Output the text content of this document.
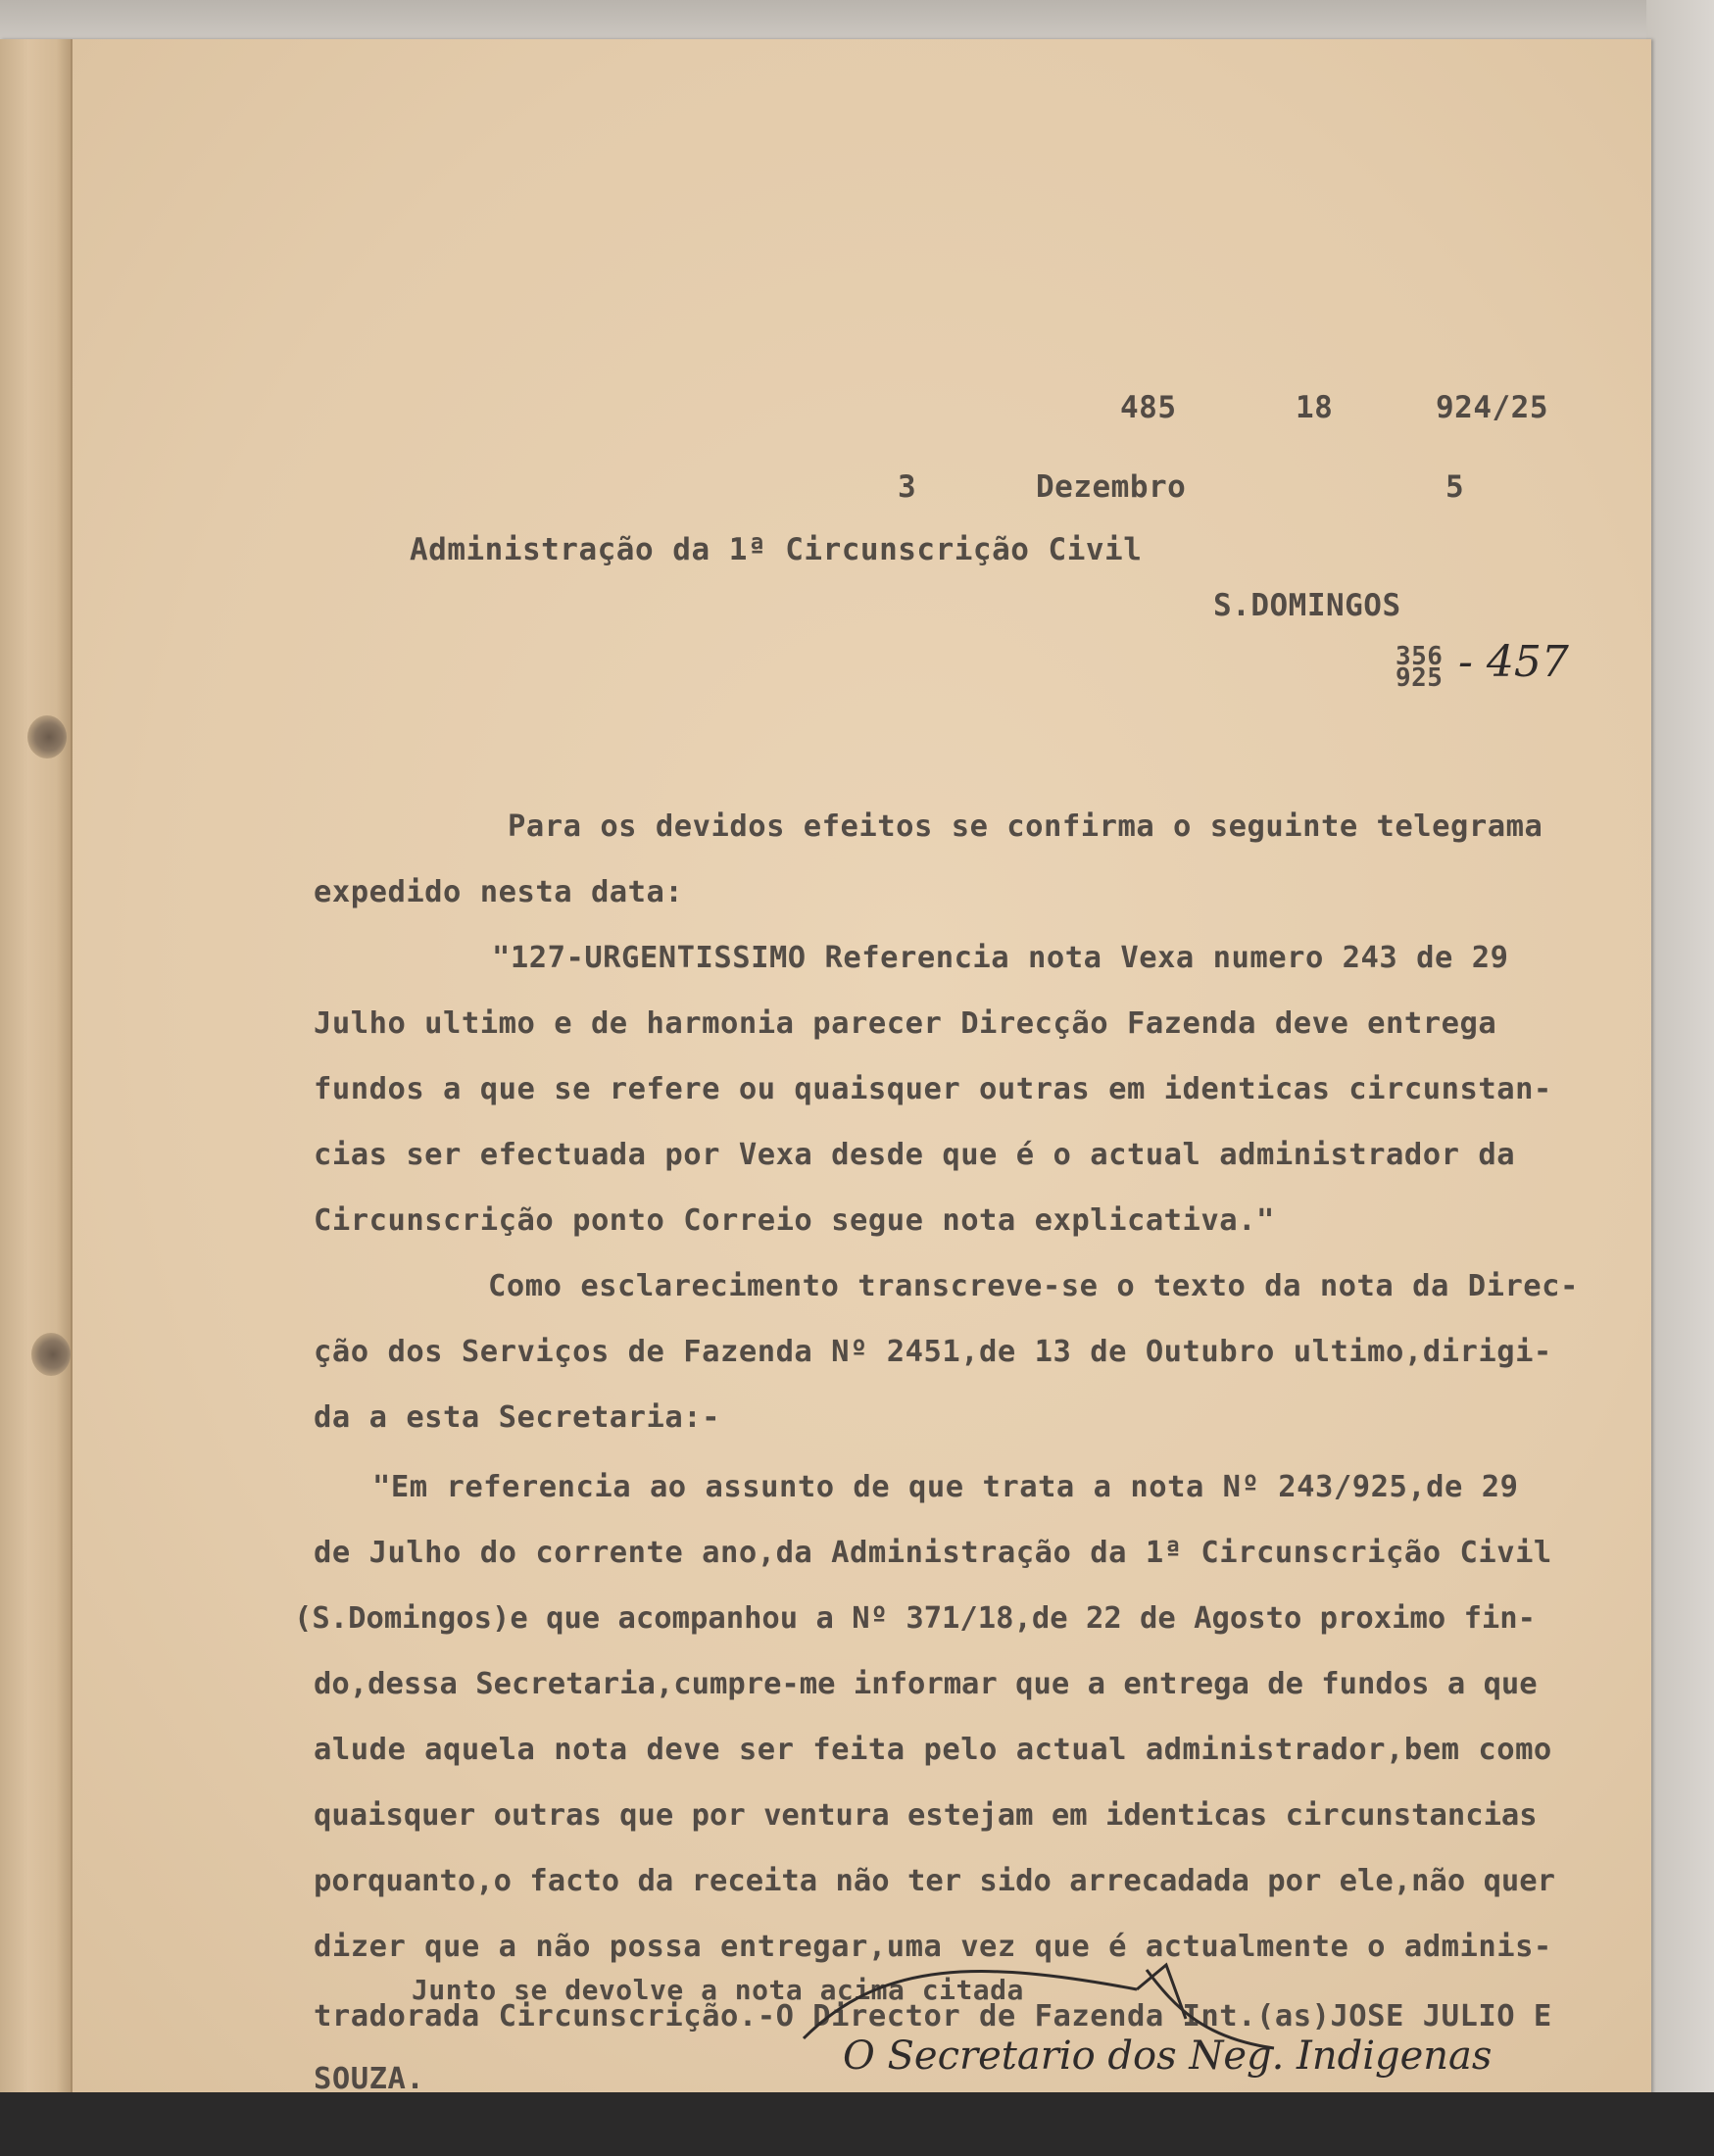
485	18	924/25
3	Dezembro	5
Administração da 1ª Circunscrição Civil
S.DOMINGOS
356
925 - 457
Para os devidos efeitos se confirma o seguinte telegrama
expedido nesta data:
"127-URGENTISSIMO Referencia nota Vexa numero 243 de 29
Julho ultimo e de harmonia parecer Direcção Fazenda deve entrega
fundos a que se refere ou quaisquer outras em identicas circunstan-
cias ser efectuada por Vexa desde que é o actual administrador da
Circunscrição ponto Correio segue nota explicativa."
Como esclarecimento transcreve-se o texto da nota da Direc-
ção dos Serviços de Fazenda Nº 2451,de 13 de Outubro ultimo,dirigi-
da a esta Secretaria:-
"Em referencia ao assunto de que trata a nota Nº 243/925,de 29
de Julho do corrente ano,da Administração da 1ª Circunscrição Civil
(S.Domingos)e que acompanhou a Nº 371/18,de 22 de Agosto proximo fin-
do,dessa Secretaria,cumpre-me informar que a entrega de fundos a que
alude aquela nota deve ser feita pelo actual administrador,bem como
quaisquer outras que por ventura estejam em identicas circunstancias
porquanto,o facto da receita não ter sido arrecadada por ele,não quer
dizer que a não possa entregar,uma vez que é actualmente o adminis-
Junto se devolve a nota acima citada
tradorada Circunscrição.-O Director de Fazenda Int.(as)JOSE JULIO E
SOUZA.
O Secretario dos Neg. Indigenas
